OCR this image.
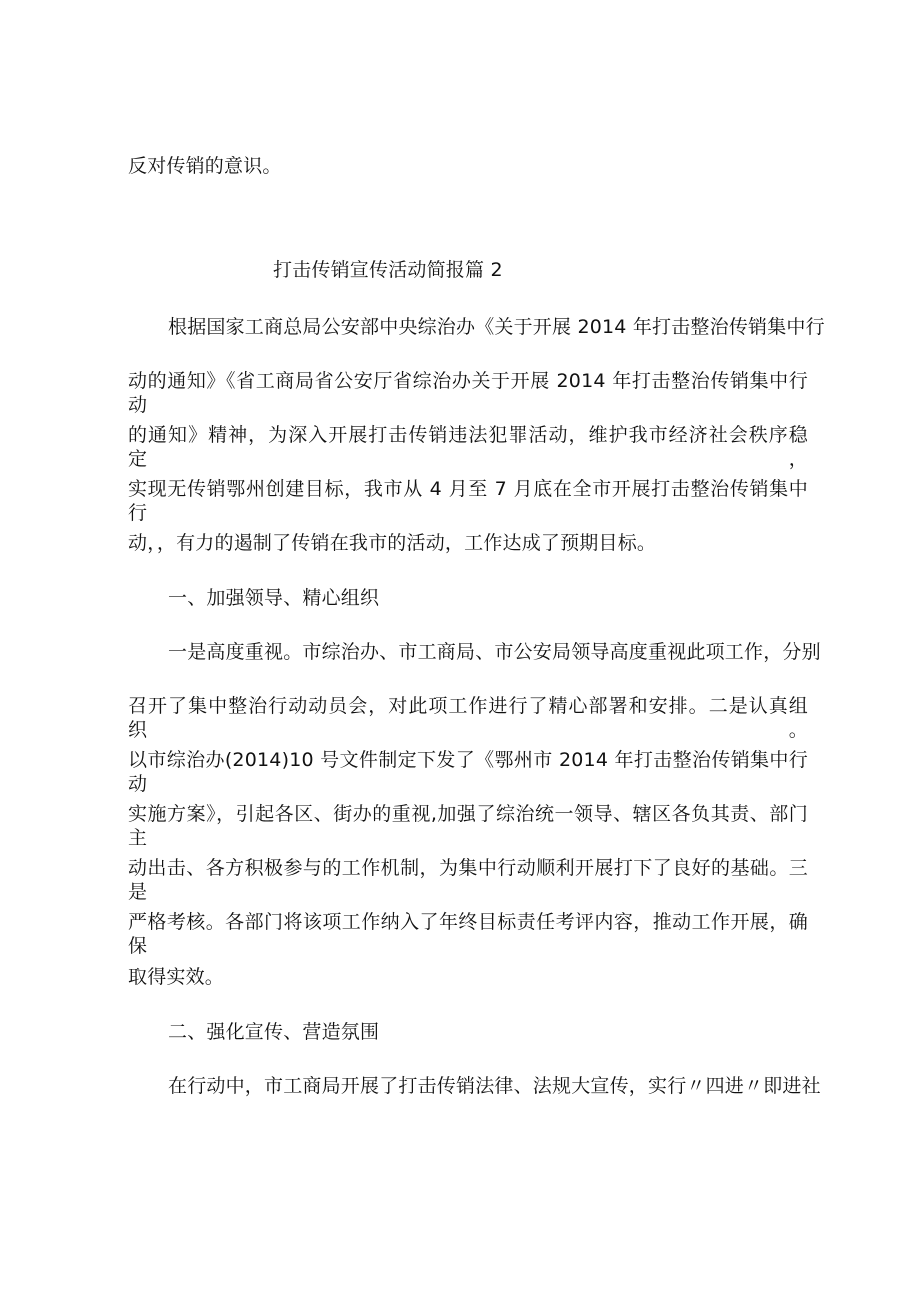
反对传销的意识。
打击传销宣传活动简报篇 2
根据国家工商总局公安部中央综治办《关于开展 2014 年打击整治传销集中行
动的通知》《省工商局省公安厅省综治办关于开展 2014 年打击整治传销集中行动
的通知》精神，为深入开展打击传销违法犯罪活动，维护我市经济社会秩序稳定，
实现无传销鄂州创建目标，我市从 4 月至 7 月底在全市开展打击整治传销集中行
动，，有力的遏制了传销在我市的活动，工作达成了预期目标。
一、加强领导、精心组织
一是高度重视。市综治办、市工商局、市公安局领导高度重视此项工作，分别
召开了集中整治行动动员会，对此项工作进行了精心部署和安排。二是认真组织。
以市综治办(2014)10 号文件制定下发了《鄂州市 2014 年打击整治传销集中行动
实施方案》，引起各区、街办的重视,加强了综治统一领导、辖区各负其责、部门主
动出击、各方积极参与的工作机制，为集中行动顺利开展打下了良好的基础。三是
严格考核。各部门将该项工作纳入了年终目标责任考评内容，推动工作开展，确保
取得实效。
二、强化宣传、营造氛围
在行动中，市工商局开展了打击传销法律、法规大宣传，实行〃四进〃即进社
